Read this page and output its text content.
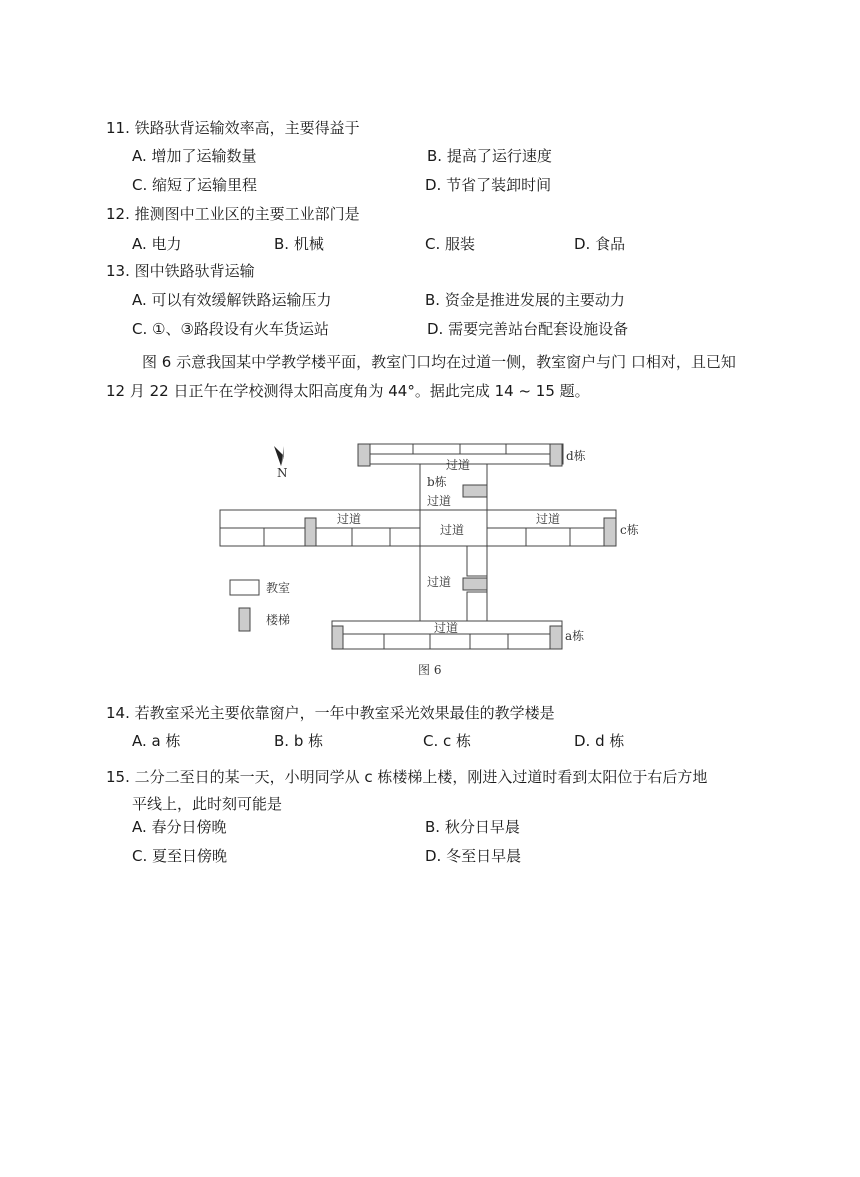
11. 铁路驮背运输效率高，主要得益于
A. 增加了运输数量	B. 提高了运行速度
C. 缩短了运输里程	D. 节省了装卸时间
12. 推测图中工业区的主要工业部门是
A. 电力	B. 机械	C. 服装	D. 食品
13. 图中铁路驮背运输
A. 可以有效缓解铁路运输压力	B. 资金是推进发展的主要动力
C. ①、③路段设有火车货运站	D. 需要完善站台配套设施设备
图 6 示意我国某中学教学楼平面，教室门口均在过道一侧，教室窗户与门 口相对，且已知 12 月 22 日正午在学校测得太阳高度角为 44°。据此完成 14 ~ 15 题。
N
d栋
b栋
c栋
a栋
过道
过道
过道
过道
过道
过道
过道
教室
楼梯
图 6
14. 若教室采光主要依靠窗户，一年中教室采光效果最佳的教学楼是
A. a 栋	B. b 栋	C. c 栋	D. d 栋
15. 二分二至日的某一天，小明同学从 c 栋楼梯上楼，刚进入过道时看到太阳位于右后方地
平线上，此时刻可能是
A. 春分日傍晚	B. 秋分日早晨
C. 夏至日傍晚	D. 冬至日早晨
